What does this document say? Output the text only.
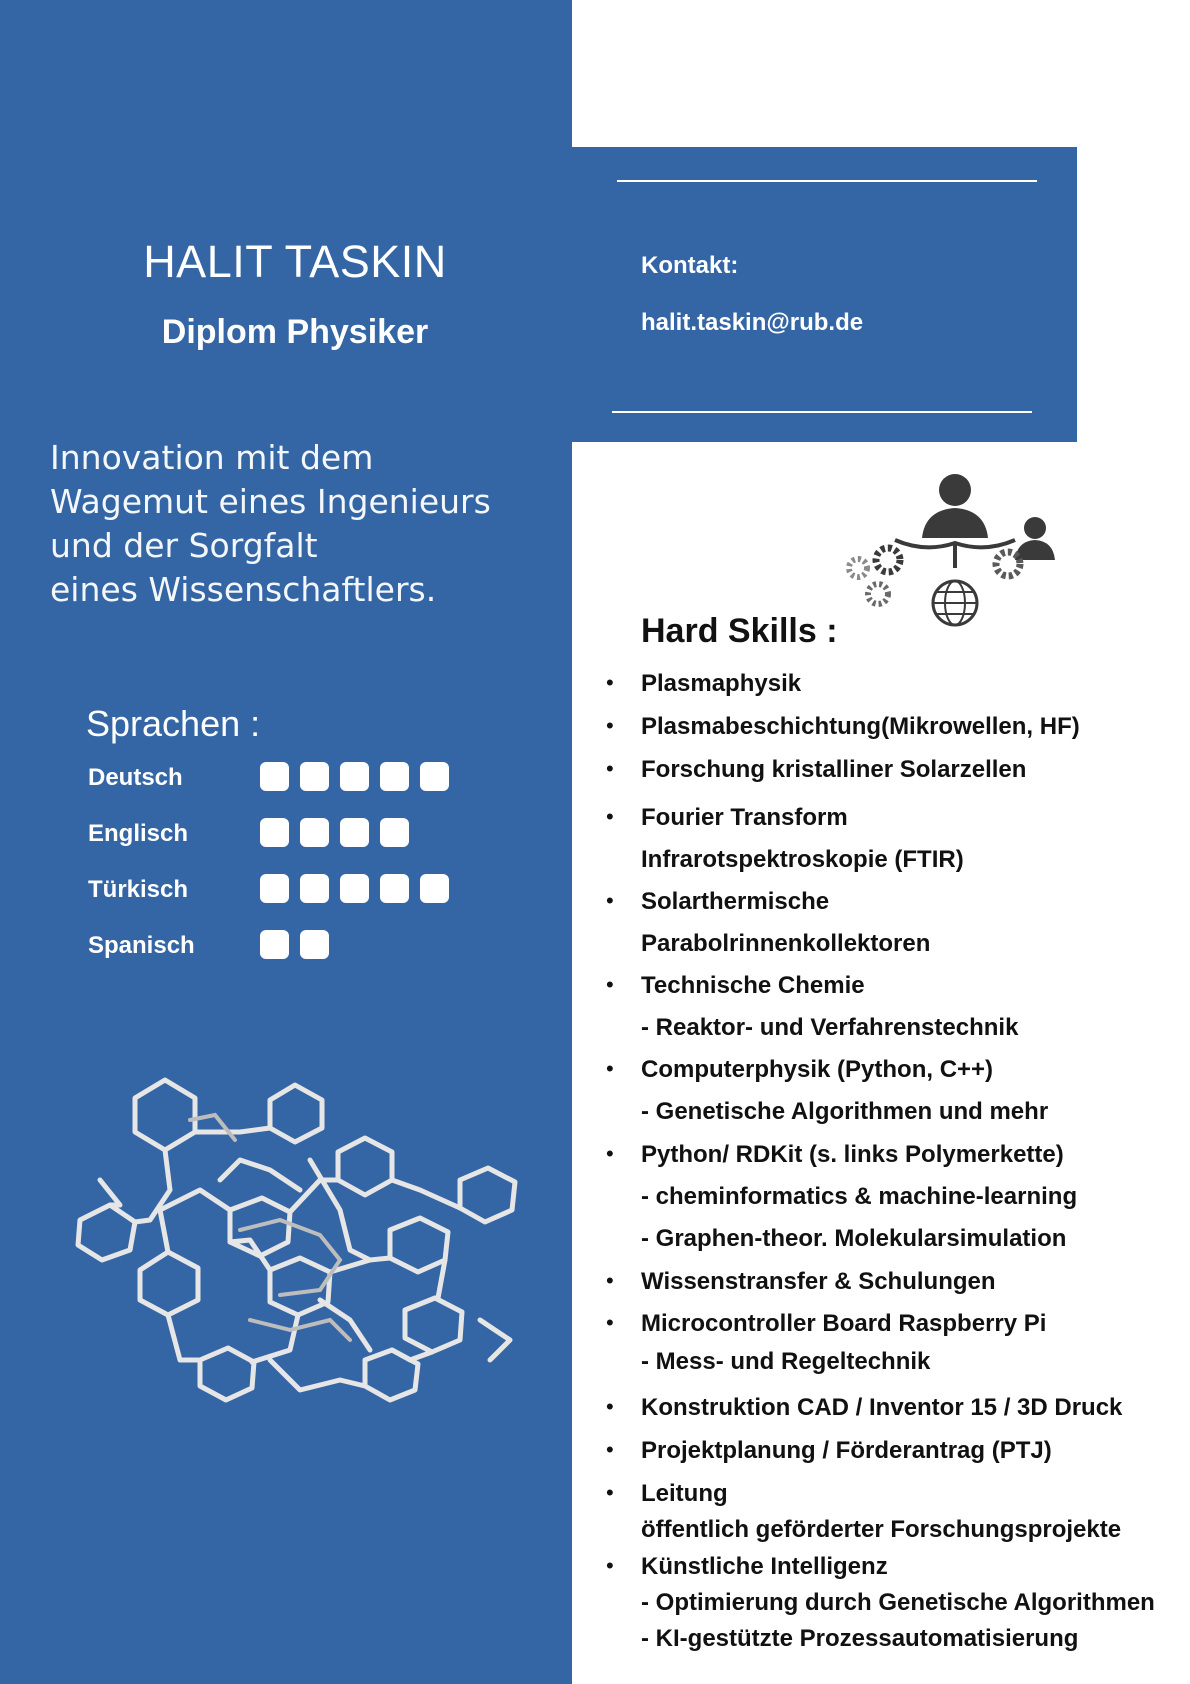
HALIT TASKIN
Diplom Physiker
Innovation mit dem
Wagemut eines Ingenieurs
und der Sorgfalt
eines Wissenschaftlers.
Kontakt:
halit.taskin@rub.de
Sprachen :
Deutsch
Englisch
Türkisch
Spanisch
Hard Skills :
• Plasmaphysik
• Plasmabeschichtung(Mikrowellen, HF)
• Forschung kristalliner Solarzellen
• Fourier Transform
Infrarotspektroskopie (FTIR)
• Solarthermische
Parabolrinnenkollektoren
• Technische Chemie
- Reaktor- und Verfahrenstechnik
• Computerphysik (Python, C++)
- Genetische Algorithmen und mehr
• Python/ RDKit (s. links Polymerkette)
- cheminformatics & machine-learning
- Graphen-theor. Molekularsimulation
• Wissenstransfer & Schulungen
• Microcontroller Board Raspberry Pi
- Mess- und Regeltechnik
• Konstruktion CAD / Inventor 15 / 3D Druck
• Projektplanung / Förderantrag (PTJ)
• Leitung
öffentlich geförderter Forschungsprojekte
• Künstliche Intelligenz
- Optimierung durch Genetische Algorithmen
- KI-gestützte Prozessautomatisierung
